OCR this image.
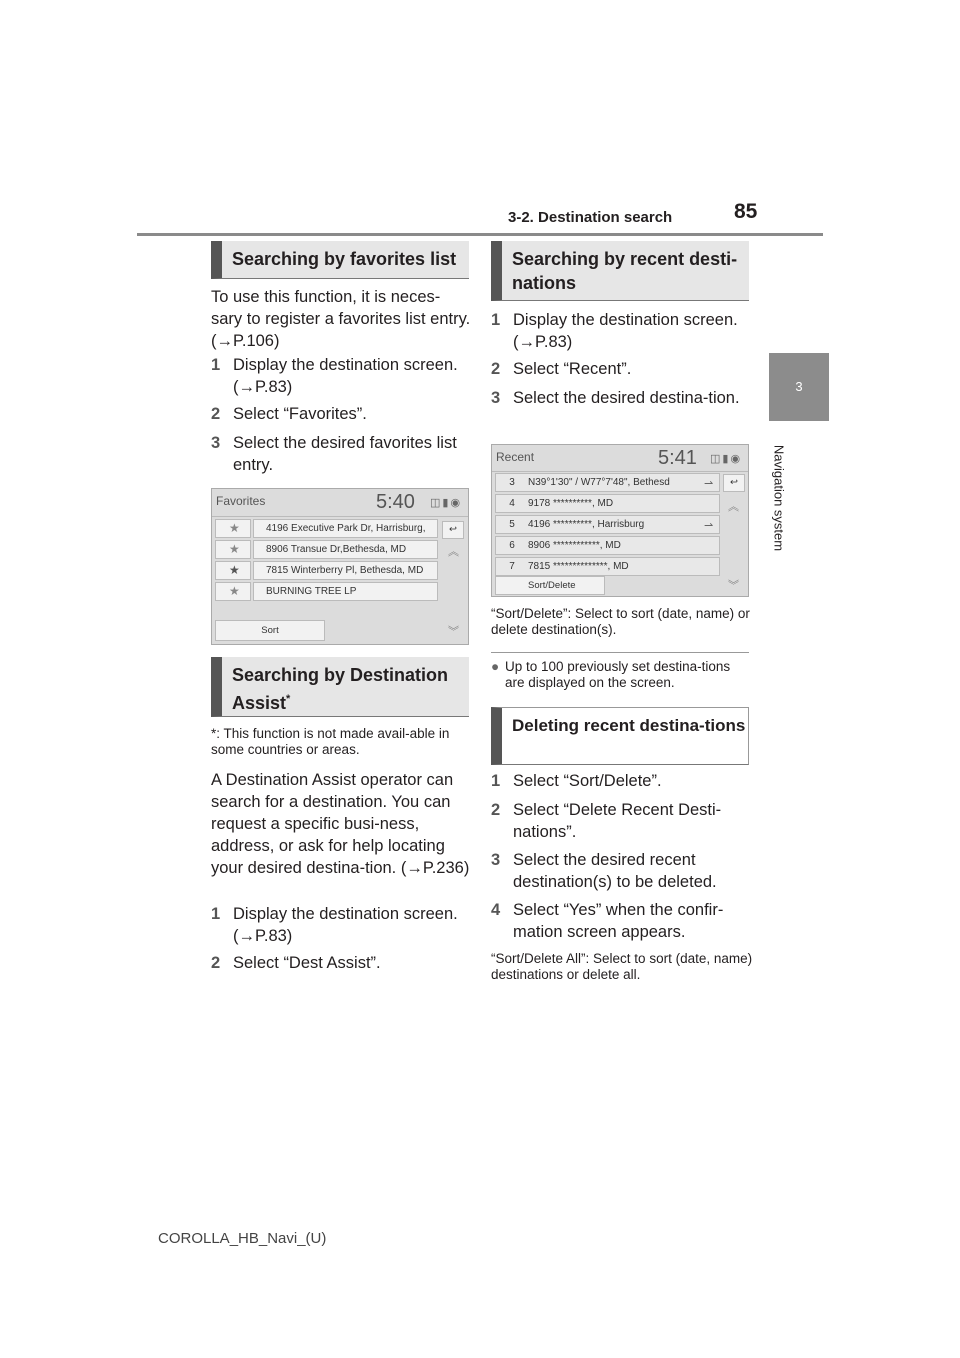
3-2. Destination search	85
3
Navigation system
Searching by favorites list
To use this function, it is neces-sary to register a favorites list entry. (→P.106)
1 Display the destination screen. (→P.83)
2 Select “Favorites”.
3 Select the desired favorites list entry.
Favorites	5:40 ◫▮◉
★	4196 Executive Park Dr, Harrisburg,
★	8906 Transue Dr,Bethesda, MD
★	7815 Winterberry Pl, Bethesda, MD
★	BURNING TREE LP
↩
︽
︾
Sort
Searching by Destination Assist*
*: This function is not made avail-able in some countries or areas.
A Destination Assist operator can search for a destination. You can request a specific busi-ness, address, or ask for help locating your desired destina-tion. (→P.236)
1 Display the destination screen. (→P.83)
2 Select “Dest Assist”.
Searching by recent desti-nations
1 Display the destination screen. (→P.83)
2 Select “Recent”.
3 Select the desired destina-tion.
Recent	5:41 ◫▮◉
3 N39°1'30" / W77°7'48", Bethesd
4 9178 **********, MD
5 4196 **********, Harrisburg
6 8906 ************, MD
7 7815 **************, MD
⇀
⇀
↩
︽
︾
Sort/Delete
“Sort/Delete”: Select to sort (date, name) or delete destination(s).
● Up to 100 previously set destina-tions are displayed on the screen.
Deleting recent destina-tions
1 Select “Sort/Delete”.
2 Select “Delete Recent Desti-nations”.
3 Select the desired recent destination(s) to be deleted.
4 Select “Yes” when the confir-mation screen appears.
“Sort/Delete All”: Select to sort (date, name) destinations or delete all.
COROLLA_HB_Navi_(U)
